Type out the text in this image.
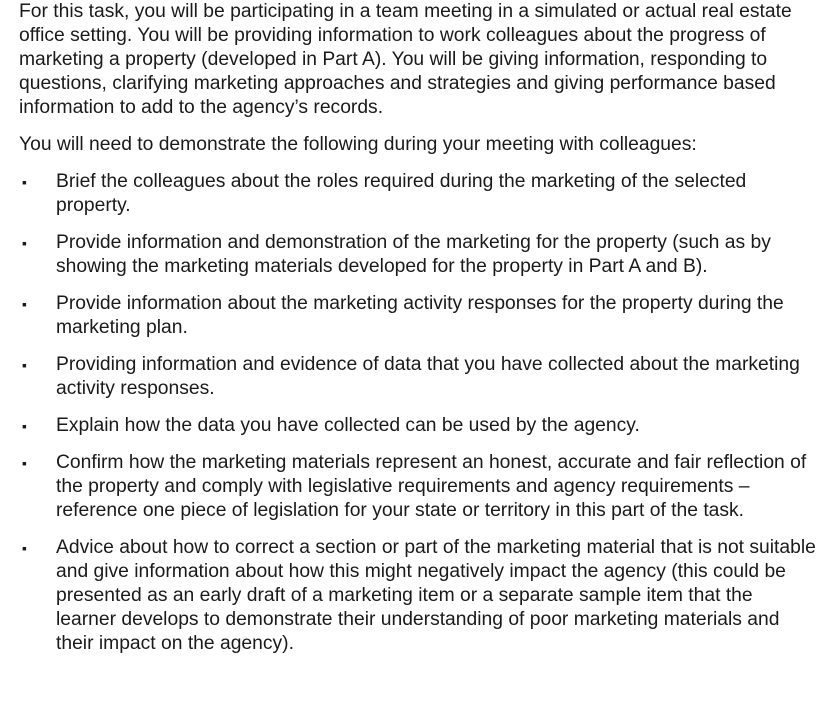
For this task, you will be participating in a team meeting in a simulated or actual real estate office setting. You will be providing information to work colleagues about the progress of marketing a property (developed in Part A). You will be giving information, responding to questions, clarifying marketing approaches and strategies and giving performance based information to add to the agency’s records.

You will need to demonstrate the following during your meeting with colleagues:

▪ Brief the colleagues about the roles required during the marketing of the selected property.
▪ Provide information and demonstration of the marketing for the property (such as by showing the marketing materials developed for the property in Part A and B).
▪ Provide information about the marketing activity responses for the property during the marketing plan.
▪ Providing information and evidence of data that you have collected about the marketing activity responses.
▪ Explain how the data you have collected can be used by the agency.
▪ Confirm how the marketing materials represent an honest, accurate and fair reflection of the property and comply with legislative requirements and agency requirements – reference one piece of legislation for your state or territory in this part of the task.
▪ Advice about how to correct a section or part of the marketing material that is not suitable and give information about how this might negatively impact the agency (this could be presented as an early draft of a marketing item or a separate sample item that the learner develops to demonstrate their understanding of poor marketing materials and their impact on the agency).
